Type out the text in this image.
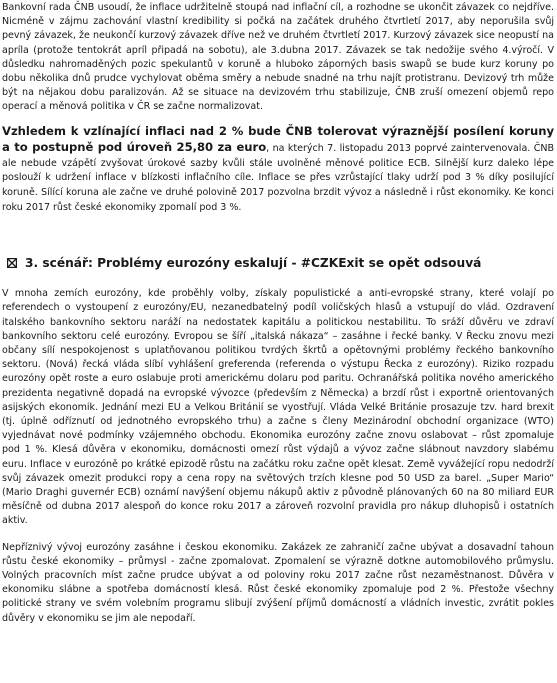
Bankovní rada ČNB usoudí, že inflace udržitelně stoupá nad inflační cíl, a rozhodne se ukončit závazek co nejdříve. Nicméně v zájmu zachování vlastní kredibility si počká na začátek druhého čtvrtletí 2017, aby neporušila svůj pevný závazek, že neukončí kurzový závazek dříve než ve druhém čtvrtletí 2017. Kurzový závazek sice neopustí na apríla (protože tentokrát apríl připadá na sobotu), ale 3.dubna 2017. Závazek se tak nedožije svého 4.výročí. V důsledku nahromaděných pozic spekulantů v koruně a hluboko záporných basis swapů se bude kurz koruny po dobu několika dnů prudce vychylovat oběma směry a nebude snadné na trhu najít protistranu. Devizový trh může být na nějakou dobu paralizován. Až se situace na devizovém trhu stabilizuje, ČNB zruší omezení objemů repo operací a měnová politika v ČR se začne normalizovat.

Vzhledem k vzlínající inflaci nad 2 % bude ČNB tolerovat výraznější posílení koruny a to postupně pod úroveň 25,80 za euro, na kterých 7. listopadu 2013 poprvé zaintervenovala. ČNB ale nebude vzápětí zvyšovat úrokové sazby kvůli stále uvolněné měnové politice ECB. Silnější kurz daleko lépe poslouží k udržení inflace v blízkosti inflačního cíle. Inflace se přes vzrůstající tlaky udrží pod 3 % díky posilující koruně. Sílící koruna ale začne ve druhé polovině 2017 pozvolna brzdit vývoz a následně i růst ekonomiky. Ke konci roku 2017 růst české ekonomiky zpomalí pod 3 %.

3. scénář: Problémy eurozóny eskalují - #CZKExit se opět odsouvá

V mnoha zemích eurozóny, kde proběhly volby, získaly populistické a anti-evropské strany, které volají po referendech o vystoupení z eurozóny/EU, nezanedbatelný podíl voličských hlasů a vstupují do vlád. Ozdravení italského bankovního sektoru naráží na nedostatek kapitálu a politickou nestabilitu. To sráží důvěru ve zdraví bankovního sektoru celé eurozóny. Evropou se šíří „italská nákaza“ – zasáhne i řecké banky. V Řecku znovu mezi občany sílí nespokojenost s uplatňovanou politikou tvrdých škrtů a opětovnými problémy řeckého bankovního sektoru. (Nová) řecká vláda slíbí vyhlášení greferenda (referenda o výstupu Řecka z eurozóny). Riziko rozpadu eurozóny opět roste a euro oslabuje proti americkému dolaru pod paritu. Ochranářská politika nového amerického prezidenta negativně dopadá na evropské vývozce (především z Německa) a brzdí růst i exportně orientovaných asijských ekonomik. Jednání mezi EU a Velkou Británií se vyostřují. Vláda Velké Británie prosazuje tzv. hard brexit (tj. úplně odříznutí od jednotného evropského trhu) a začne s členy Mezinárodní obchodní organizace (WTO) vyjednávat nové podmínky vzájemného obchodu. Ekonomika eurozóny začne znovu oslabovat – růst zpomaluje pod 1 %. Klesá důvěra v ekonomiku, domácnosti omezí růst výdajů a vývoz začne slábnout navzdory slabému euru. Inflace v eurozóně po krátké epizodě růstu na začátku roku začne opět klesat. Země vyvážející ropu nedodrží svůj závazek omezit produkci ropy a cena ropy na světových trzích klesne pod 50 USD za barel. „Super Mario“ (Mario Draghi guvernér ECB) oznámí navýšení objemu nákupů aktiv z původně plánovaných 60 na 80 miliard EUR měsíčně od dubna 2017 alespoň do konce roku 2017 a zároveň rozvolní pravidla pro nákup dluhopisů i ostatních aktiv.

Nepříznivý vývoj eurozóny zasáhne i českou ekonomiku. Zakázek ze zahraničí začne ubývat a dosavadní tahoun růstu české ekonomiky – průmysl - začne zpomalovat. Zpomalení se výrazně dotkne automobilového průmyslu. Volných pracovních míst začne prudce ubývat a od poloviny roku 2017 začne růst nezaměstnanost. Důvěra v ekonomiku slábne a spotřeba domácností klesá. Růst české ekonomiky zpomaluje pod 2 %. Přestože všechny politické strany ve svém volebním programu slibují zvýšení příjmů domácností a vládních investic, zvrátit pokles důvěry v ekonomiku se jim ale nepodaří.
